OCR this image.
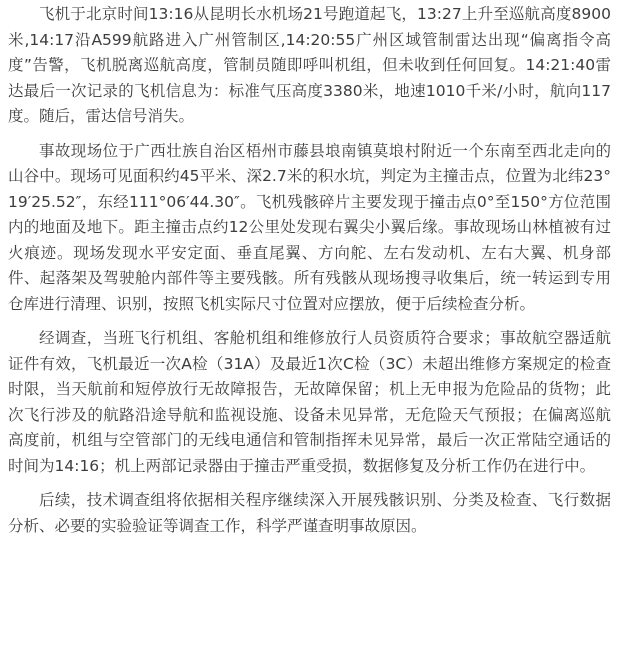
飞机于北京时间13:16从昆明长水机场21号跑道起飞，13:27上升至巡航高度8900米,14:17沿A599航路进入广州管制区,14:20:55广州区域管制雷达出现“偏离指令高度”告警，飞机脱离巡航高度，管制员随即呼叫机组，但未收到任何回复。14:21:40雷达最后一次记录的飞机信息为：标准气压高度3380米，地速1010千米/小时，航向117度。随后，雷达信号消失。

事故现场位于广西壮族自治区梧州市藤县埌南镇莫埌村附近一个东南至西北走向的山谷中。现场可见面积约45平米、深2.7米的积水坑，判定为主撞击点，位置为北纬23°19′25.52″，东经111°06′44.30″。飞机残骸碎片主要发现于撞击点0°至150°方位范围内的地面及地下。距主撞击点约12公里处发现右翼尖小翼后缘。事故现场山林植被有过火痕迹。现场发现水平安定面、垂直尾翼、方向舵、左右发动机、左右大翼、机身部件、起落架及驾驶舱内部件等主要残骸。所有残骸从现场搜寻收集后，统一转运到专用仓库进行清理、识别，按照飞机实际尺寸位置对应摆放，便于后续检查分析。

经调查，当班飞行机组、客舱机组和维修放行人员资质符合要求；事故航空器适航证件有效，飞机最近一次A检（31A）及最近1次C检（3C）未超出维修方案规定的检查时限，当天航前和短停放行无故障报告，无故障保留；机上无申报为危险品的货物；此次飞行涉及的航路沿途导航和监视设施、设备未见异常，无危险天气预报；在偏离巡航高度前，机组与空管部门的无线电通信和管制指挥未见异常，最后一次正常陆空通话的时间为14:16；机上两部记录器由于撞击严重受损，数据修复及分析工作仍在进行中。

后续，技术调查组将依据相关程序继续深入开展残骸识别、分类及检查、飞行数据分析、必要的实验验证等调查工作，科学严谨查明事故原因。
